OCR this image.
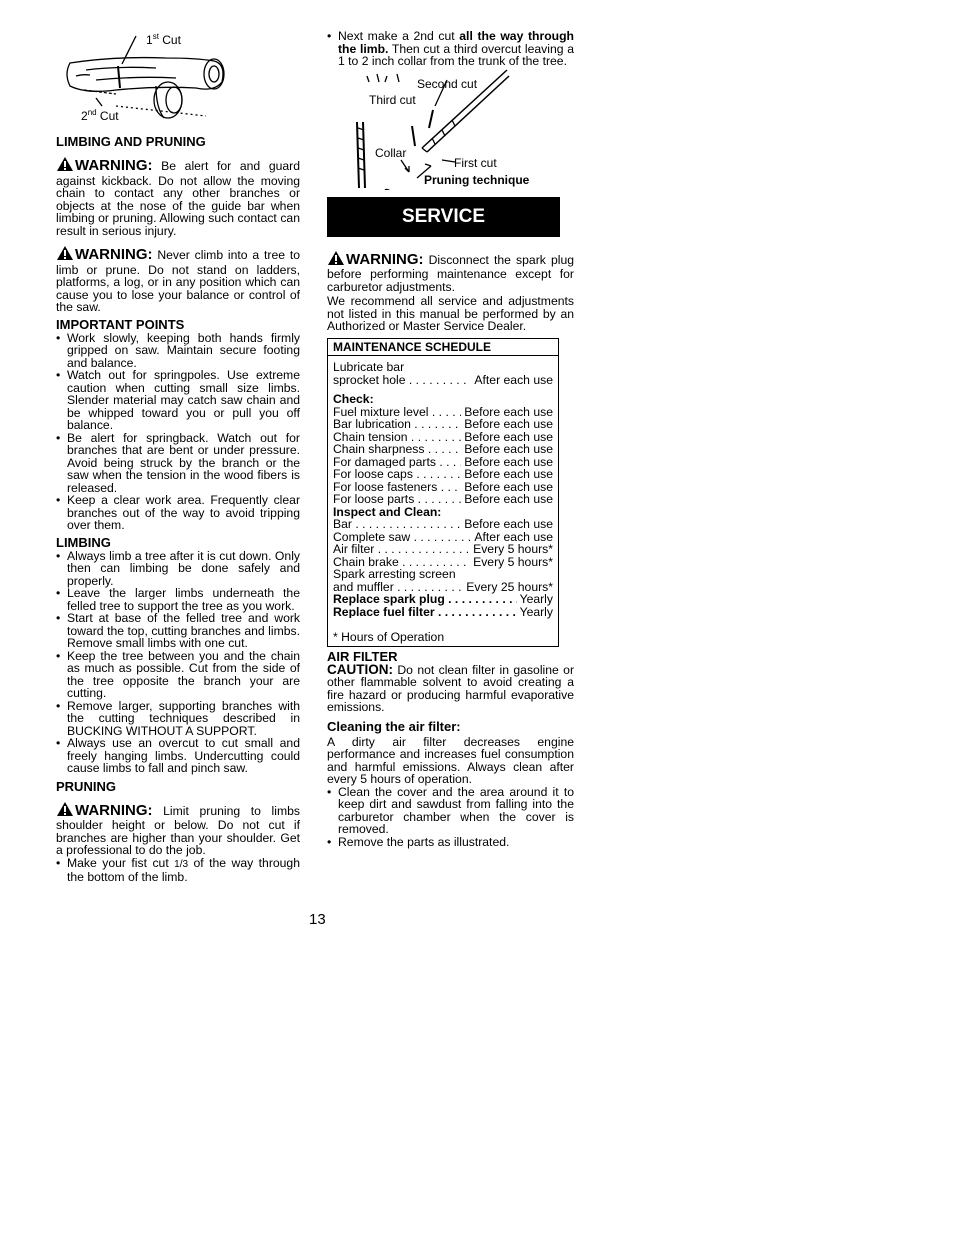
1st Cut
2nd Cut
LIMBING AND PRUNING

WARNING: Be alert for and guard against kickback. Do not allow the moving chain to contact any other branches or objects at the nose of the guide bar when limbing or pruning. Allowing such contact can result in serious injury.

WARNING: Never climb into a tree to limb or prune. Do not stand on ladders, platforms, a log, or in any position which can cause you to lose your balance or control of the saw.

IMPORTANT POINTS
• Work slowly, keeping both hands firmly gripped on saw. Maintain secure footing and balance.
• Watch out for springpoles. Use extreme caution when cutting small size limbs. Slender material may catch saw chain and be whipped toward you or pull you off balance.
• Be alert for springback. Watch out for branches that are bent or under pressure. Avoid being struck by the branch or the saw when the tension in the wood fibers is released.
• Keep a clear work area. Frequently clear branches out of the way to avoid tripping over them.
LIMBING
• Always limb a tree after it is cut down. Only then can limbing be done safely and properly.
• Leave the larger limbs underneath the felled tree to support the tree as you work.
• Start at base of the felled tree and work toward the top, cutting branches and limbs. Remove small limbs with one cut.
• Keep the tree between you and the chain as much as possible. Cut from the side of the tree opposite the branch your are cutting.
• Remove larger, supporting branches with the cutting techniques described in BUCKING WITHOUT A SUPPORT.
• Always use an overcut to cut small and freely hanging limbs. Undercutting could cause limbs to fall and pinch saw.
PRUNING

WARNING: Limit pruning to limbs shoulder height or below. Do not cut if branches are higher than your shoulder. Get a professional to do the job.

• Make your fist cut 1/3 of the way through the bottom of the limb.
• Next make a 2nd cut all the way through the limb. Then cut a third overcut leaving a 1 to 2 inch collar from the trunk of the tree.
Second cut
Third cut
Collar
First cut
Pruning technique
SERVICE

WARNING: Disconnect the spark plug before performing maintenance except for carburetor adjustments.

We recommend all service and adjustments not listed in this manual be performed by an Authorized or Master Service Dealer.

MAINTENANCE SCHEDULE
Lubricate bar
sprocket hole . . .	After each use
Check:
Fuel mixture level . . .	Before each use
Bar lubrication . . .	Before each use
Chain tension . . .	Before each use
Chain sharpness . . .	Before each use
For damaged parts . . .	Before each use
For loose caps . . .	Before each use
For loose fasteners . . .	Before each use
For loose parts . . .	Before each use
Inspect and Clean:
Bar . . .	Before each use
Complete saw . . .	After each use
Air filter . . .	Every 5 hours*
Chain brake . . .	Every 5 hours*
Spark arresting screen
and muffler . . .	Every 25 hours*
Replace spark plug . . .	Yearly
Replace fuel filter . . .	Yearly
* Hours of Operation
AIR FILTER

CAUTION: Do not clean filter in gasoline or other flammable solvent to avoid creating a fire hazard or producing harmful evaporative emissions.

Cleaning the air filter:

A dirty air filter decreases engine performance and increases fuel consumption and harmful emissions. Always clean after every 5 hours of operation.

• Clean the cover and the area around it to keep dirt and sawdust from falling into the carburetor chamber when the cover is removed.
• Remove the parts as illustrated.
13
